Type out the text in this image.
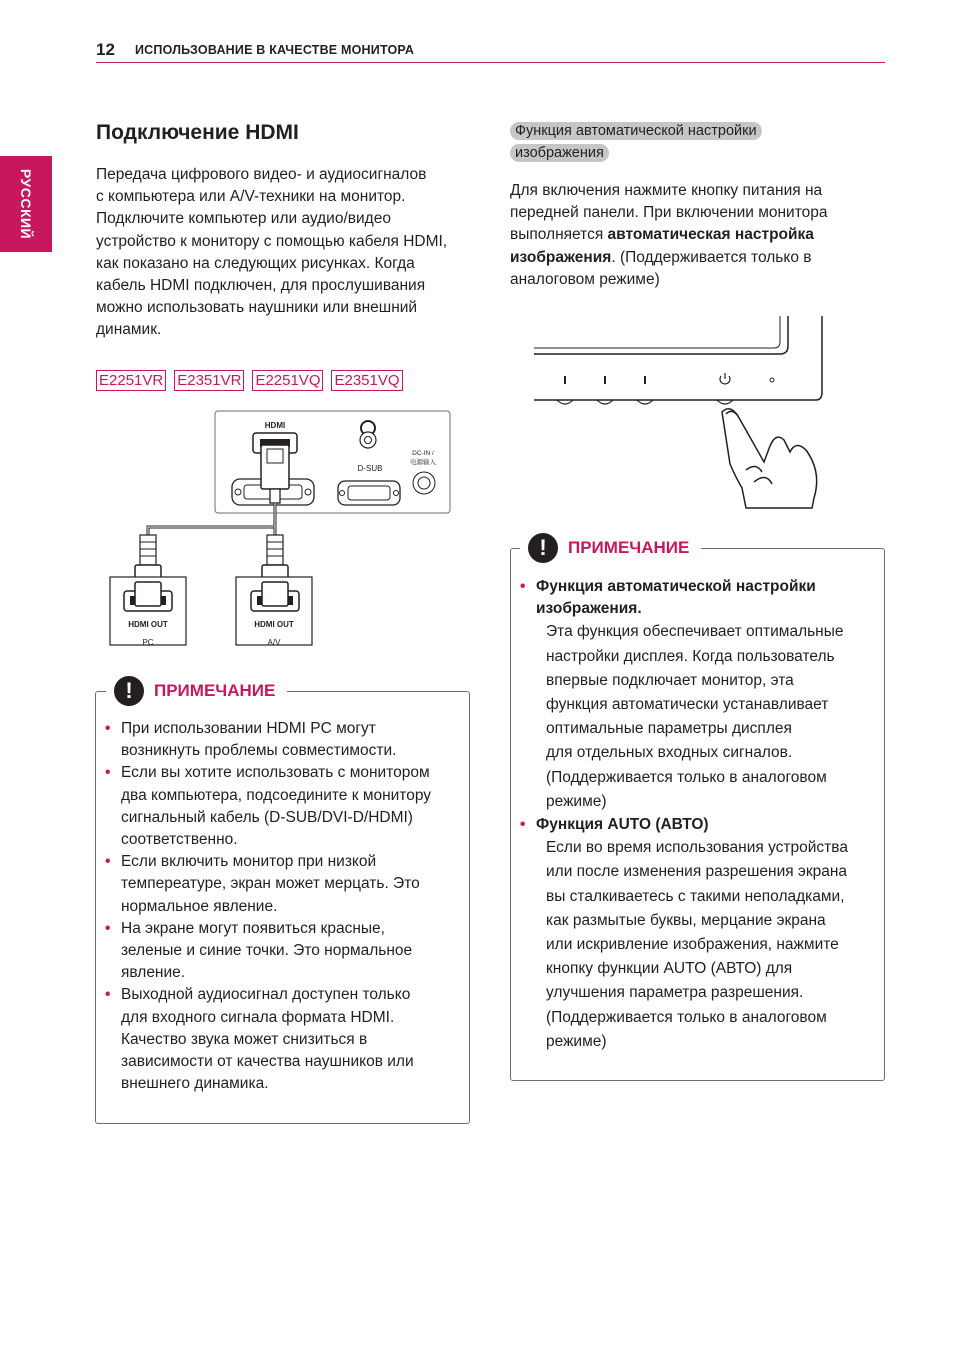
12 ИСПОЛЬЗОВАНИЕ В КАЧЕСТВЕ МОНИТОРА
РУССКИЙ
Подключение HDMI
Передача цифрового видео- и аудиосигналов
с компьютера или A/V-техники на монитор.
Подключите компьютер или аудио/видео
устройство к монитору с помощью кабеля HDMI,
как показано на следующих рисунках. Когда
кабель HDMI подключен, для прослушивания
можно использовать наушники или внешний
динамик.
E2251VR E2351VR E2251VQ E2351VQ
HDMI
D-SUB
DC-IN /
电源输入
HDMI OUT
PC
HDMI OUT
A/V
!	ПРИМЕЧАНИЕ
• При использовании HDMI PC могут
возникнуть проблемы совместимости.
• Если вы хотите использовать с монитором
два компьютера, подсоедините к монитору
сигнальный кабель (D-SUB/DVI-D/HDMI)
соответственно.
• Если включить монитор при низкой
темпереатуре, экран может мерцать. Это
нормальное явление.
• На экране могут появиться красные,
зеленые и синие точки. Это нормальное
явление.
• Выходной аудиосигнал доступен только
для входного сигнала формата HDMI.
Качество звука может снизиться в
зависимости от качества наушников или
внешнего динамика.
Функция автоматической настройки
изображения
Для включения нажмите кнопку питания на
передней панели. При включении монитора
выполняется автоматическая настройка
изображения. (Поддерживается только в
аналоговом режиме)
!	ПРИМЕЧАНИЕ
• Функция автоматической настройки
изображения.
Эта функция обеспечивает оптимальные
настройки дисплея. Когда пользователь
впервые подключает монитор, эта
функция автоматически устанавливает
оптимальные параметры дисплея
для отдельных входных сигналов.
(Поддерживается только в аналоговом
режиме)
• Функция AUTO (АВТО)
Если во время использования устройства
или после изменения разрешения экрана
вы сталкиваетесь с такими неполадками,
как размытые буквы, мерцание экрана
или искривление изображения, нажмите
кнопку функции AUTO (АВТО) для
улучшения параметра разрешения.
(Поддерживается только в аналоговом
режиме)
